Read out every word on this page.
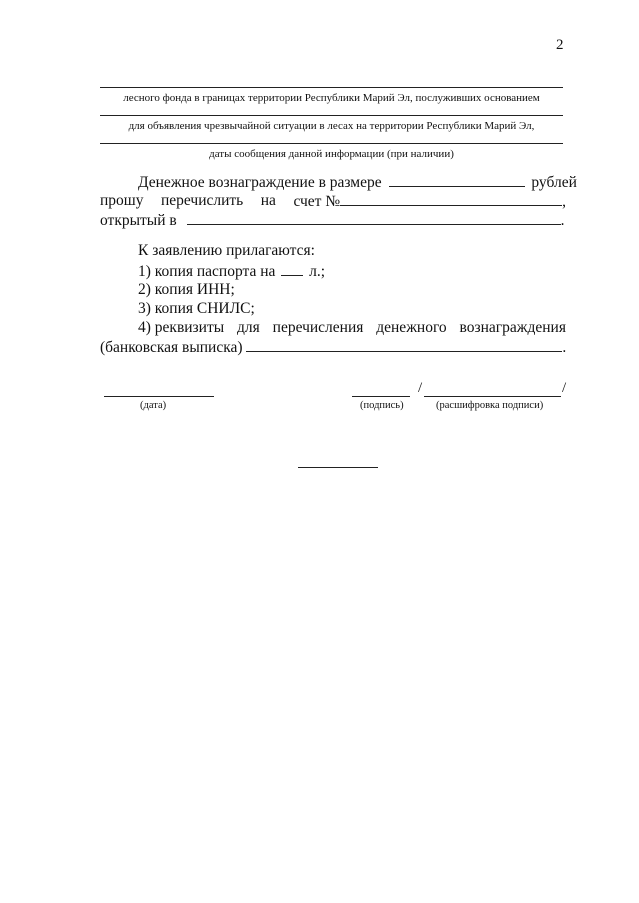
2
лесного фонда в границах территории Республики Марий Эл, послуживших основанием
для объявления чрезвычайной ситуации в лесах на территории Республики Марий Эл,
даты сообщения данной информации (при наличии)
Денежное вознаграждение в размере	рублей
прошу перечислить на счет №	,
открытый в	.
К заявлению прилагаются:
1) копия паспорта на л.;
2) копия ИНН;
3) копия СНИЛС;
4) реквизиты для перечисления денежного вознаграждения
(банковская выписка)	.
(дата)	(подпись)
/	/
(расшифровка подписи)
